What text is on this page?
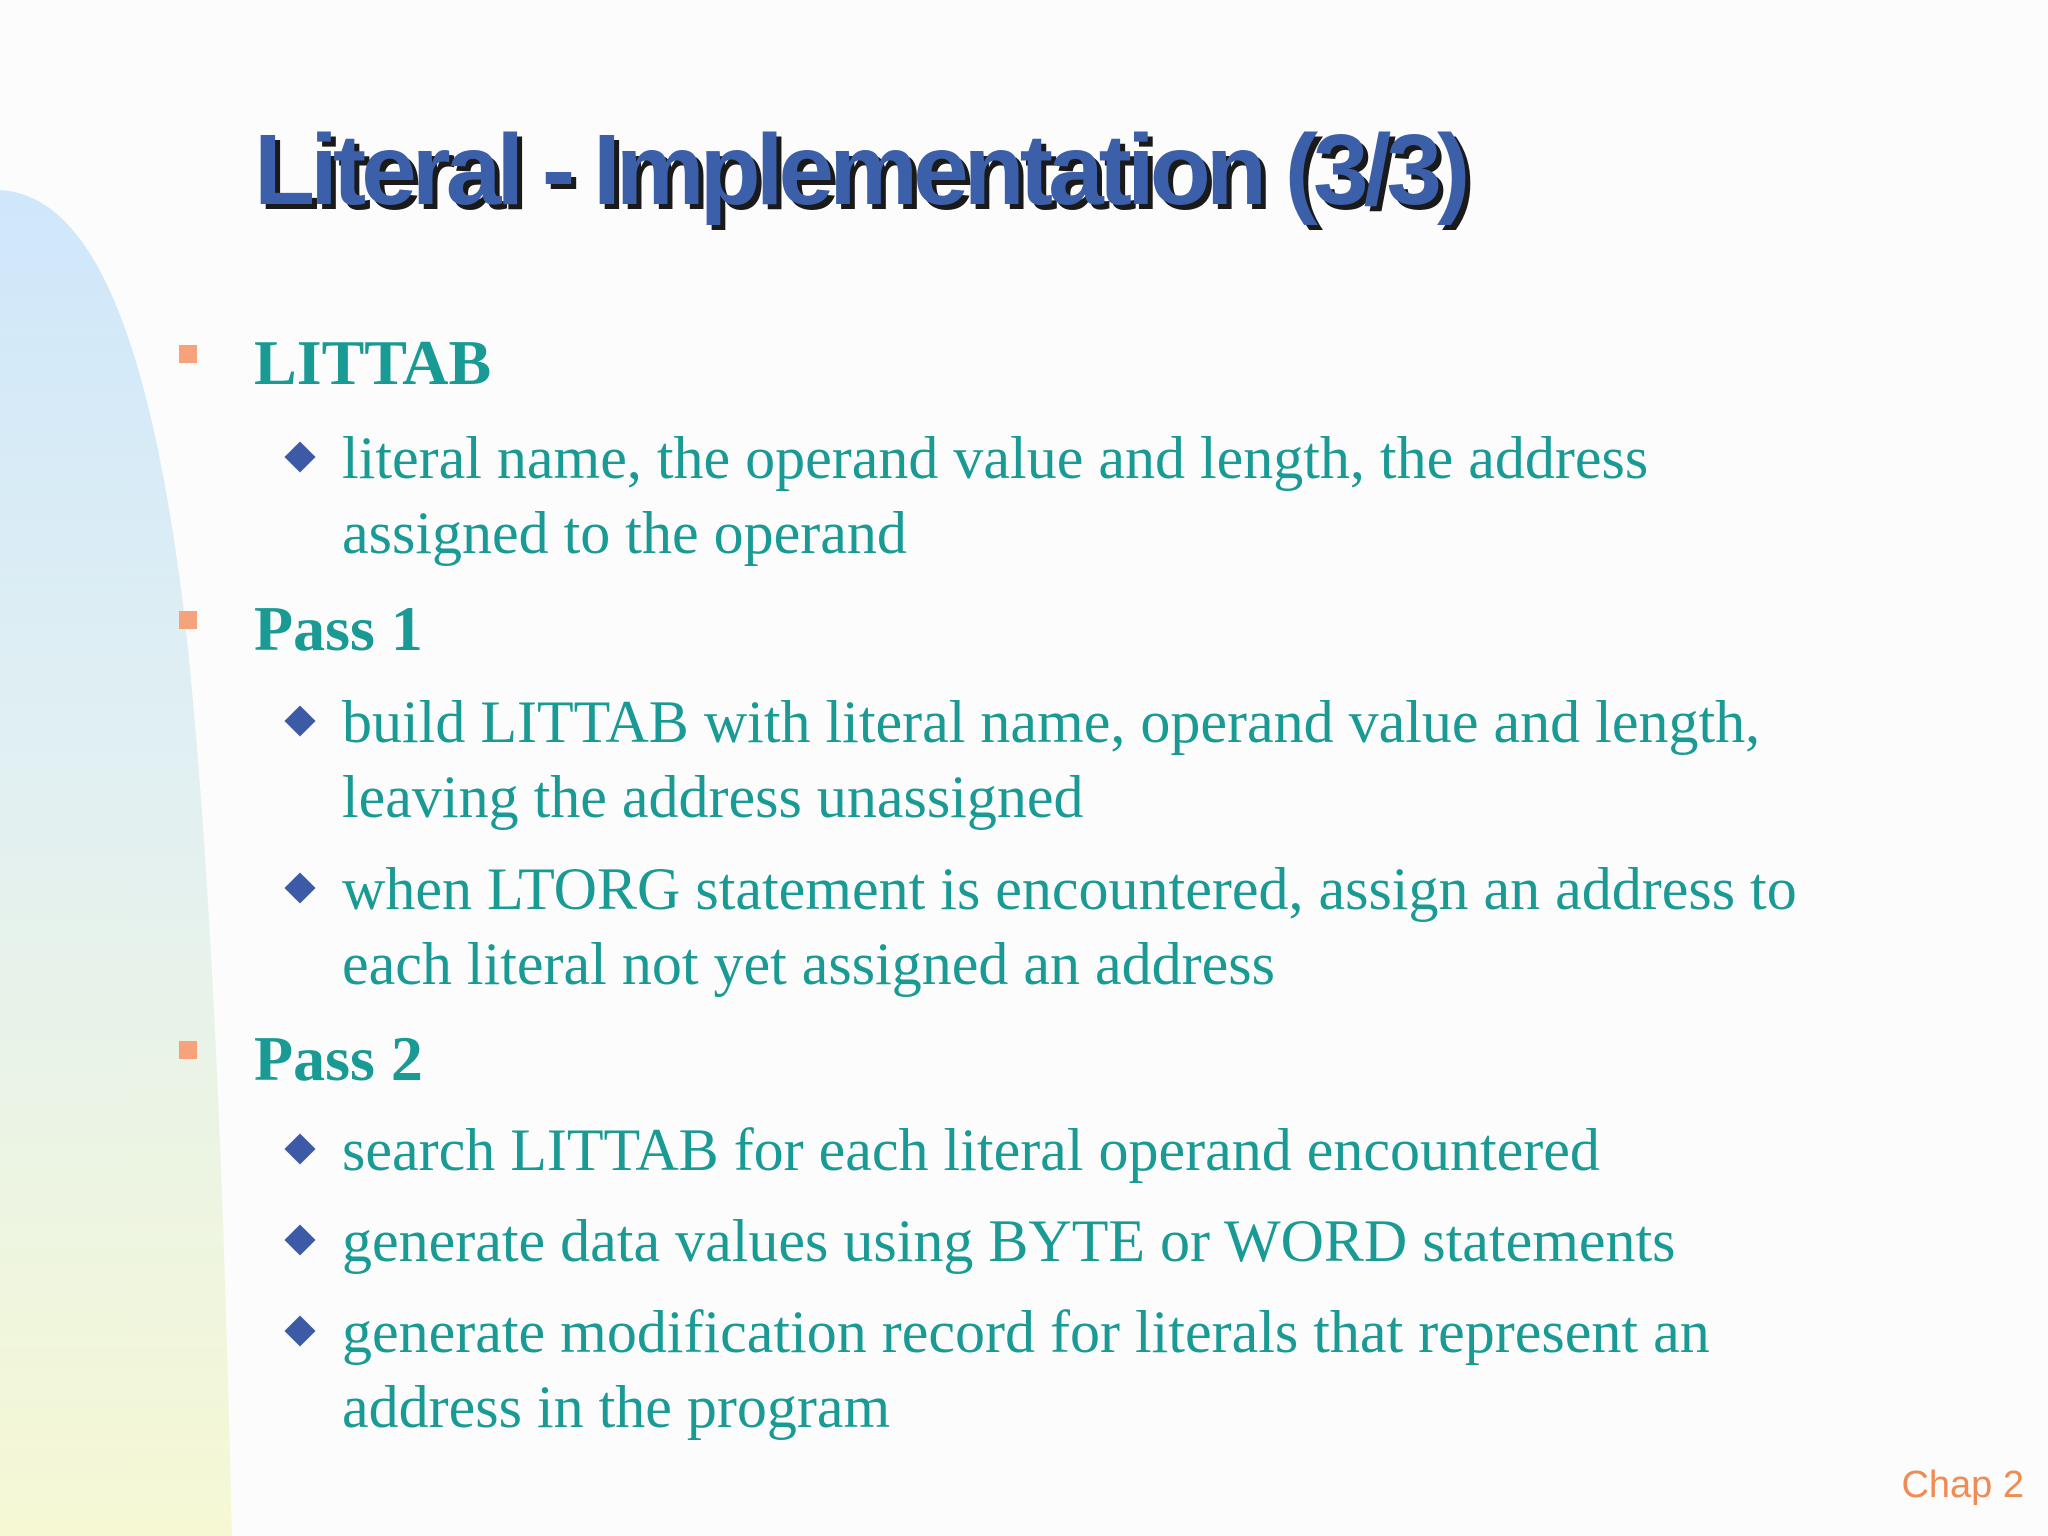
Literal - Implementation (3/3)

LITTAB

literal name, the operand value and length, the address

assigned to the operand

Pass 1

build LITTAB with literal name, operand value and length,

leaving the address unassigned

when LTORG statement is encountered, assign an address to

each literal not yet assigned an address

Pass 2

search LITTAB for each literal operand encountered

generate data values using BYTE or WORD statements

generate modification record for literals that represent an

address in the program

Chap 2
